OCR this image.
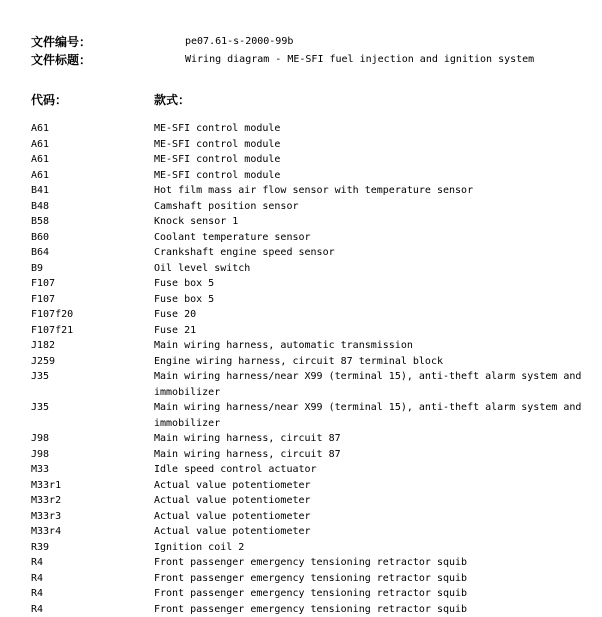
文件编号：	pe07.61-s-2000-99b
文件标题：	Wiring diagram - ME-SFI fuel injection and ignition system
代码：	款式：
A61	ME-SFI control module
A61	ME-SFI control module
A61	ME-SFI control module
A61	ME-SFI control module
B41	Hot film mass air flow sensor with temperature sensor
B48	Camshaft position sensor
B58	Knock sensor 1
B60	Coolant temperature sensor
B64	Crankshaft engine speed sensor
B9	Oil level switch
F107	Fuse box 5
F107	Fuse box 5
F107f20	Fuse 20
F107f21	Fuse 21
J182	Main wiring harness, automatic transmission
J259	Engine wiring harness, circuit 87 terminal block
J35	Main wiring harness/near X99 (terminal 15), anti-theft alarm system and immobilizer
J35	Main wiring harness/near X99 (terminal 15), anti-theft alarm system and immobilizer
J98	Main wiring harness, circuit 87
J98	Main wiring harness, circuit 87
M33	Idle speed control actuator
M33r1	Actual value potentiometer
M33r2	Actual value potentiometer
M33r3	Actual value potentiometer
M33r4	Actual value potentiometer
R39	Ignition coil 2
R4	Front passenger emergency tensioning retractor squib
R4	Front passenger emergency tensioning retractor squib
R4	Front passenger emergency tensioning retractor squib
R4	Front passenger emergency tensioning retractor squib
